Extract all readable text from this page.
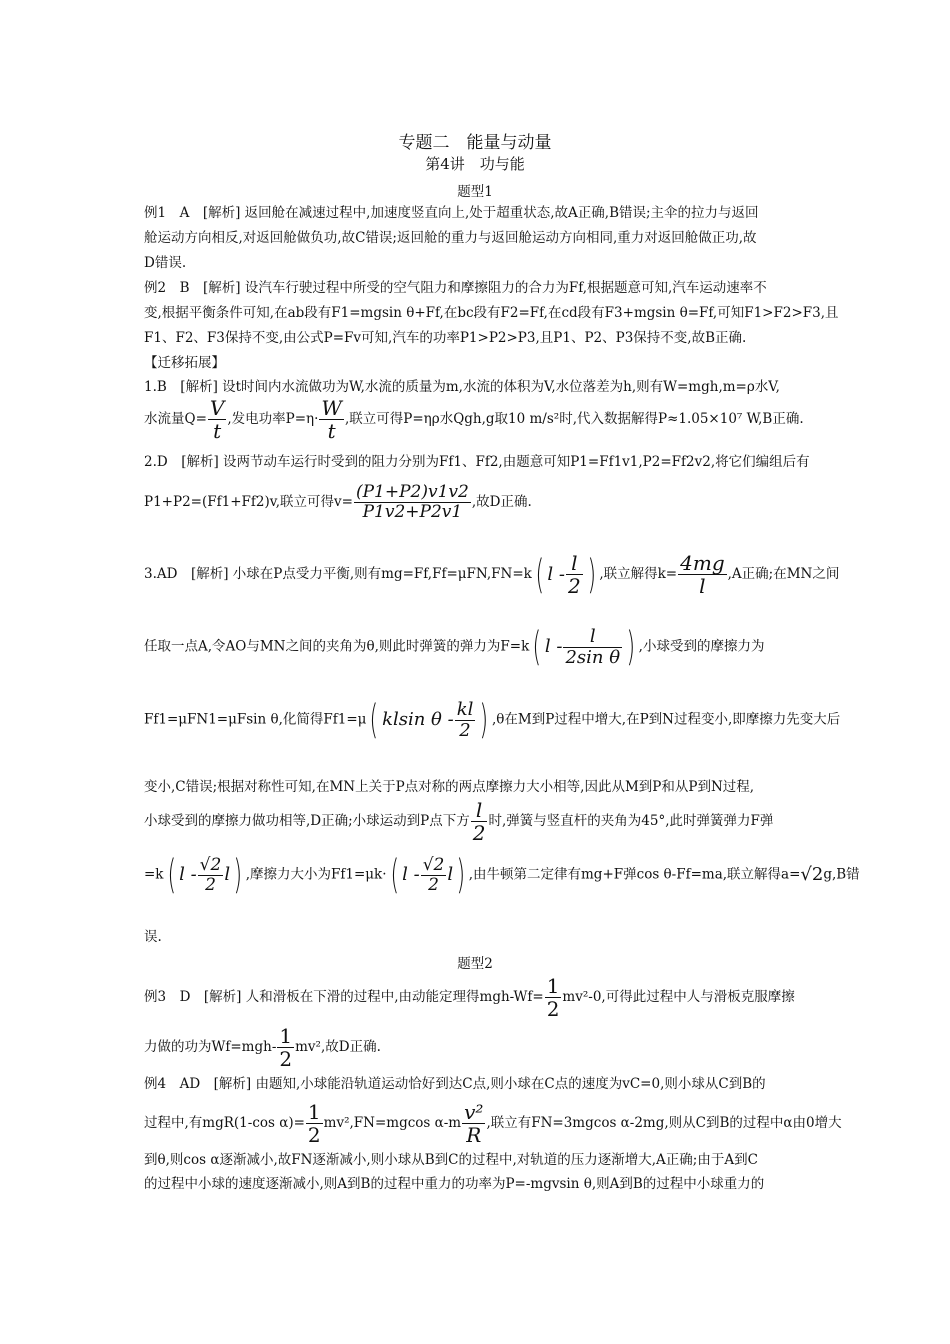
专题二　能量与动量
第4讲　功与能
题型1
例1　A　[解析] 返回舱在减速过程中,加速度竖直向上,处于超重状态,故A正确,B错误;主伞的拉力与返回
舱运动方向相反,对返回舱做负功,故C错误;返回舱的重力与返回舱运动方向相同,重力对返回舱做正功,故
D错误.
例2　B　[解析] 设汽车行驶过程中所受的空气阻力和摩擦阻力的合力为Ff,根据题意可知,汽车运动速率不
变,根据平衡条件可知,在ab段有F1=mgsin θ+Ff,在bc段有F2=Ff,在cd段有F3+mgsin θ=Ff,可知F1>F2>F3,且
F1、F2、F3保持不变,由公式P=Fv可知,汽车的功率P1>P2>P3,且P1、P2、P3保持不变,故B正确.
【迁移拓展】
1.B　[解析] 设t时间内水流做功为W,水流的质量为m,水流的体积为V,水位落差为h,则有W=mgh,m=ρ水V,
水流量$Q= \frac{V}{t}$ ,发电功率$P=\eta\cdot \frac{W}{t}$ ,联立可得P=ηρ水Qgh,g取10 m/s²时,代入数据解得P≈1.05×10⁷ W,B正确.
2.D　[解析] 设两节动车运行时受到的阻力分别为Ff1、Ff2,由题意可知P1=Ff1v1,P2=Ff2v2,将它们编组后有
P1+P2=(Ff1+Ff2)v,联立可得$v= \frac{(P1+P2)v1v2}{P1v2+P2v1}$ ,故D正确.
3.AD　[解析] 小球在P点受力平衡,则有mg=Ff,Ff=μFN,FN=k( l - $\frac{l}{2}$ ) ,联立解得$k= \frac{4mg}{l} ,A$正确;在MN之间
任取一点A,令AO与MN之间的夹角为θ,则此时弹簧的弹力为F=k( l - $\frac{l}{\text{2sin θ}}$ ) ,小球受到的摩擦力为
Ff1=μFN1=μFsin θ,化简得Ff1=μ( klsin θ - $\frac{kl}{2}$ ) ,θ在M到P过程中增大,在P到N过程变小,即摩擦力先变大后
变小,C错误;根据对称性可知,在MN上关于P点对称的两点摩擦力大小相等,因此从M到P和从P到N过程,
小球受到的摩擦力做功相等,D正确;小球运动到P点下方 $\frac{l}{2}$ 时,弹簧与竖直杆的夹角为45°,此时弹簧弹力F弹
=k( l - $\frac{√2}{2} l$) ,摩擦力大小为Ff1=μk·( l - $\frac{√2}{2} l$) ,由牛顿第二定律有mg+F弹cos θ-Ff=ma,联立解得a=√2g,B错
误.
题型2
例3　D　[解析] 人和滑板在下滑的过程中,由动能定理得$mgh-Wf= \frac{1}{2} mv^2-0$,可得此过程中人与滑板克服摩擦
力做的功为$Wf=mgh- \frac{1}{2} mv^2$,故D正确.
例4　AD　[解析] 由题知,小球能沿轨道运动恰好到达C点,则小球在C点的速度为vC=0,则小球从C到B的
过程中,有mgR(1-cos $\alpha)= \frac{1}{2} mv^2,FN=mgcos$ $\alpha-m \frac{\text{v²}}{R}$ ,联立有FN=3mgcos α-2mg,则从C到B的过程中α由0增大
到θ,则cos α逐渐减小,故FN逐渐减小,则小球从B到C的过程中,对轨道的压力逐渐增大,A正确;由于A到C
的过程中小球的速度逐渐减小,则A到B的过程中重力的功率为P=-mgvsin θ,则A到B的过程中小球重力的
